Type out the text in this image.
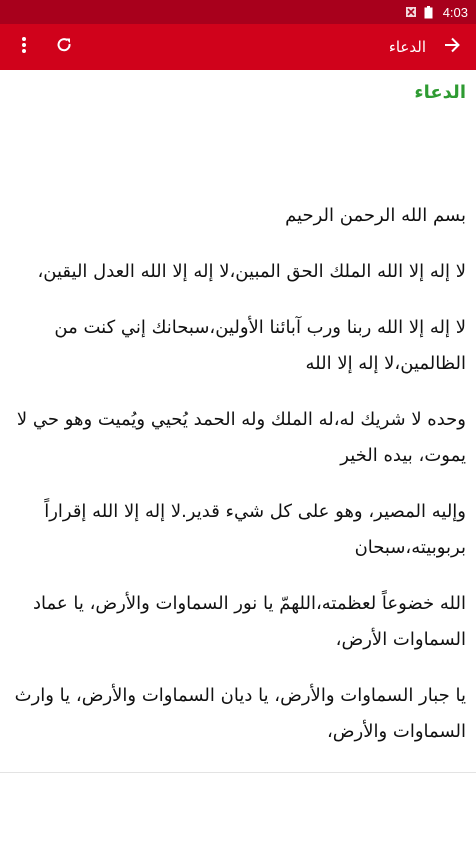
4:03
الدعاء
الدعاء

بسم الله الرحمن الرحيم

لا إله إلا الله الملك الحق المبين،لا إله إلا الله العدل اليقين،

لا إله إلا الله ربنا ورب آبائنا الأولين،سبحانك إني كنت من الظالمين،لا إله إلا الله

وحده لا شريك له،له الملك وله الحمد يُحيي ويُميت وهو حي لا يموت، بيده الخير

وإليه المصير، وهو على كل شيء قدير.لا إله إلا الله إقراراً بربوبيته،سبحان

الله خضوعاً لعظمته،اللهمّ يا نور السماوات والأرض، يا عماد السماوات الأرض،

يا جبار السماوات والأرض، يا ديان السماوات والأرض، يا وارث السماوات والأرض،
